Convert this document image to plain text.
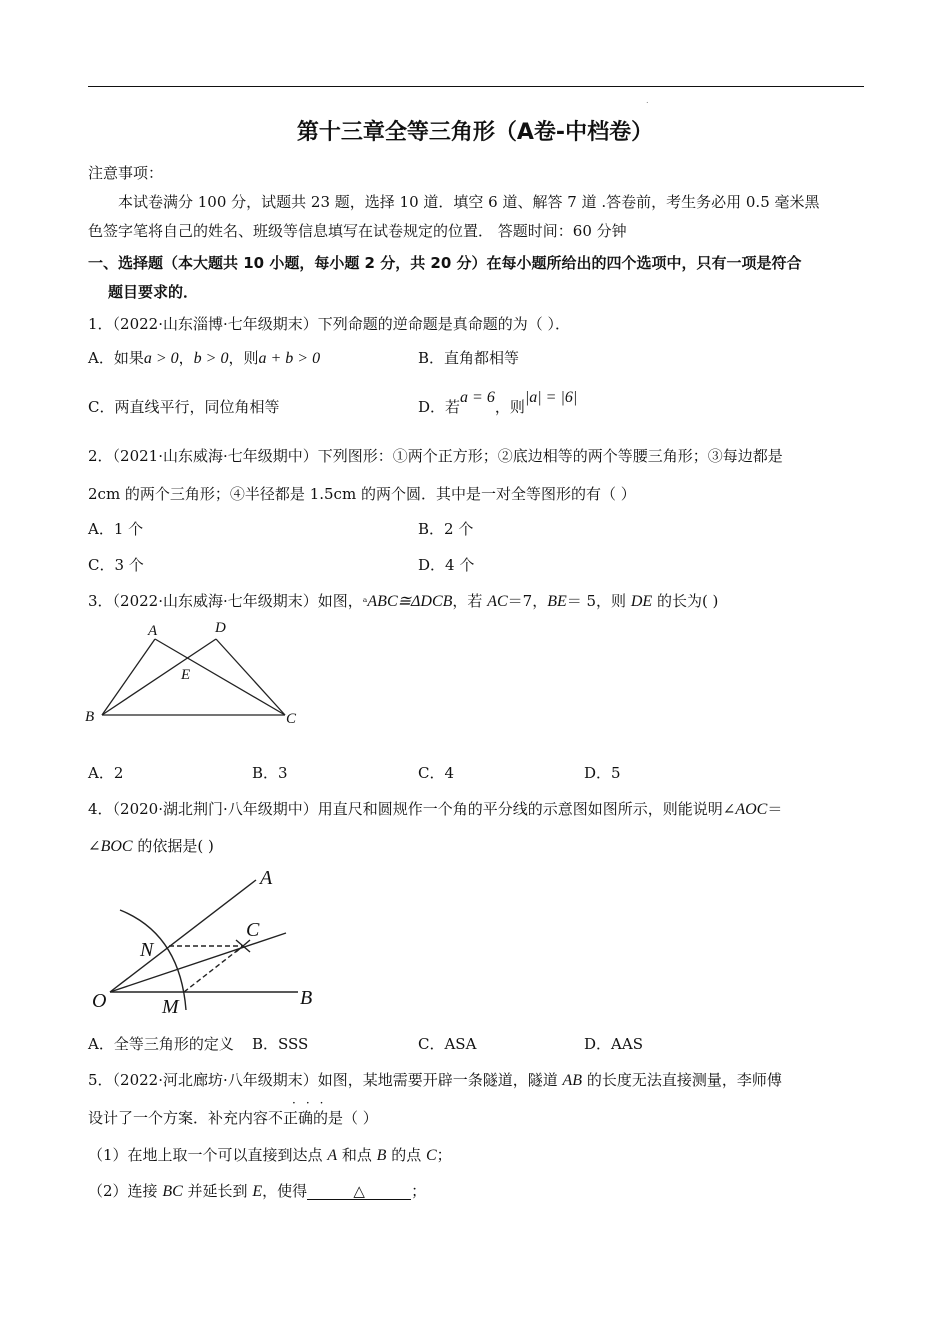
.
第十三章全等三角形（A卷-中档卷）
注意事项：
本试卷满分 100 分，试题共 23 题，选择 10 道．填空 6 道、解答 7 道 .答卷前，考生务必用 0.5 毫米黑
色签字笔将自己的姓名、班级等信息填写在试卷规定的位置． 答题时间：60 分钟
一、选择题（本大题共 10 小题，每小题 2 分，共 20 分）在每小题所给出的四个选项中，只有一项是符合
题目要求的．
1．（2022·山东淄博·七年级期末）下列命题的逆命题是真命题的为（ ）．
A．如果a > 0，b > 0，则a + b > 0	B．直角都相等
C．两直线平行，同位角相等	D．若a = 6，则|a| = |6|
2．（2021·山东威海·七年级期中）下列图形：①两个正方形；②底边相等的两个等腰三角形；③每边都是
2cm 的两个三角形；④半径都是 1.5cm 的两个圆．其中是一对全等图形的有（ ）
A．1 个	B．2 个
C．3 个	D．4 个
3．（2022·山东威海·七年级期末）如图，ᵃABC≅ΔDCB，若 AC＝7，BE＝ 5，则 DE 的长为( )
A	D
E
B	C
A．2	B．3	C．4	D．5
4．（2020·湖北荆门·八年级期中）用直尺和圆规作一个角的平分线的示意图如图所示，则能说明∠AOC＝
∠BOC 的依据是( )
A
C
N
O	M	B
A．全等三角形的定义 B．SSS	C．ASA	D．AAS
5．（2022·河北廊坊·八年级期末）如图，某地需要开辟一条隧道，隧道 AB 的长度无法直接测量，李师傅
···
设计了一个方案．补充内容不正确的是（ ）
（1）在地上取一个可以直接到达点 A 和点 B 的点 C；
（2）连接 BC 并延长到 E，使得	△	；
